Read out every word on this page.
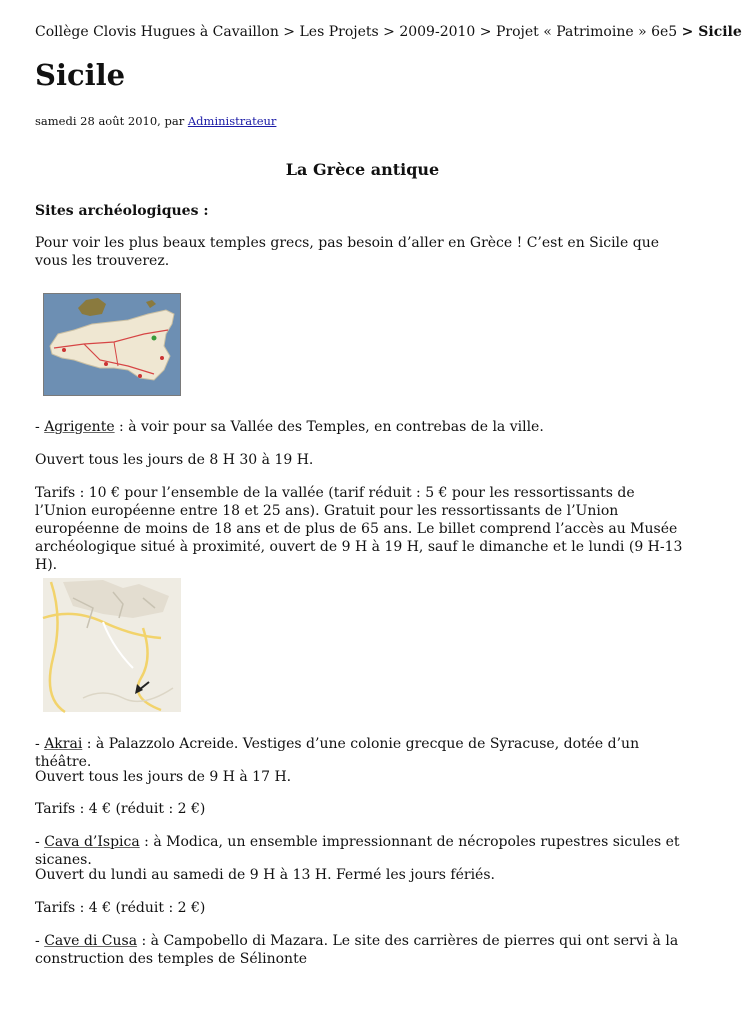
Collège Clovis Hugues à Cavaillon > Les Projets > 2009-2010 > Projet « Patrimoine » 6e5 > Sicile
Sicile
samedi 28 août 2010, par Administrateur
La Grèce antique

Sites archéologiques :

Pour voir les plus beaux temples grecs, pas besoin d’aller en Grèce ! C’est en Sicile que vous les trouverez.

- Agrigente : à voir pour sa Vallée des Temples, en contrebas de la ville.

Ouvert tous les jours de 8 H 30 à 19 H.

Tarifs : 10 € pour l’ensemble de la vallée (tarif réduit : 5 € pour les ressortissants de l’Union européenne entre 18 et 25 ans). Gratuit pour les ressortissants de l’Union européenne de moins de 18 ans et de plus de 65 ans. Le billet comprend l’accès au Musée archéologique situé à proximité, ouvert de 9 H à 19 H, sauf le dimanche et le lundi (9 H-13 H).

- Akrai : à Palazzolo Acreide. Vestiges d’une colonie grecque de Syracuse, dotée d’un théâtre.

Ouvert tous les jours de 9 H à 17 H.

Tarifs : 4 € (réduit : 2 €)

- Cava d’Ispica : à Modica, un ensemble impressionnant de nécropoles rupestres sicules et sicanes.

Ouvert du lundi au samedi de 9 H à 13 H. Fermé les jours fériés.

Tarifs : 4 € (réduit : 2 €)

- Cave di Cusa : à Campobello di Mazara. Le site des carrières de pierres qui ont servi à la construction des temples de Sélinonte
